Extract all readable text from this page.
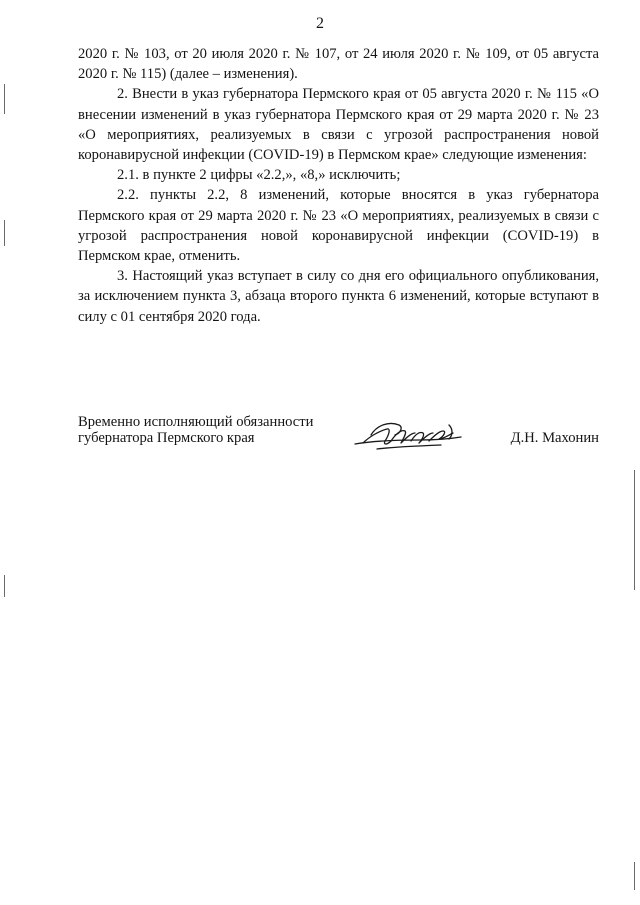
2

2020 г. № 103, от 20 июля 2020 г. № 107, от 24 июля 2020 г. № 109, от 05 августа 2020 г. № 115) (далее – изменения).

2. Внести в указ губернатора Пермского края от 05 августа 2020 г. № 115 «О внесении изменений в указ губернатора Пермского края от 29 марта 2020 г. № 23 «О мероприятиях, реализуемых в связи с угрозой распространения новой коронавирусной инфекции (COVID-19) в Пермском крае» следующие изменения:

2.1. в пункте 2 цифры «2.2,», «8,» исключить;

2.2. пункты 2.2, 8 изменений, которые вносятся в указ губернатора Пермского края от 29 марта 2020 г. № 23 «О мероприятиях, реализуемых в связи с угрозой распространения новой коронавирусной инфекции (COVID-19) в Пермском крае, отменить.

3. Настоящий указ вступает в силу со дня его официального опубликования, за исключением пункта 3, абзаца второго пункта 6 изменений, которые вступают в силу с 01 сентября 2020 года.

Временно исполняющий обязанности
губернатора Пермского края	Д.Н. Махонин
